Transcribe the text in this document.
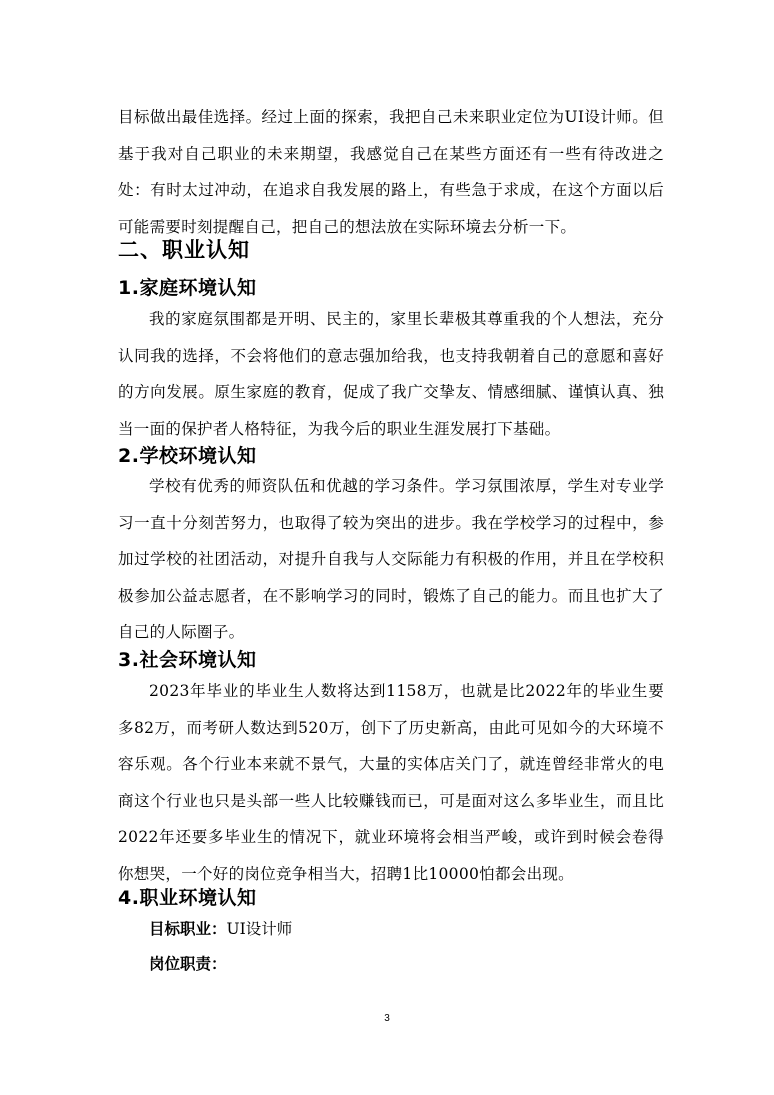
目标做出最佳选择。经过上面的探索，我把自己未来职业定位为UI设计师。但基于我对自己职业的未来期望，我感觉自己在某些方面还有一些有待改进之处：有时太过冲动，在追求自我发展的路上，有些急于求成，在这个方面以后可能需要时刻提醒自己，把自己的想法放在实际环境去分析一下。

二、职业认知
1.家庭环境认知

我的家庭氛围都是开明、民主的，家里长辈极其尊重我的个人想法，充分认同我的选择，不会将他们的意志强加给我，也支持我朝着自己的意愿和喜好的方向发展。原生家庭的教育，促成了我广交挚友、情感细腻、谨慎认真、独当一面的保护者人格特征，为我今后的职业生涯发展打下基础。

2.学校环境认知

学校有优秀的师资队伍和优越的学习条件。学习氛围浓厚，学生对专业学习一直十分刻苦努力，也取得了较为突出的进步。我在学校学习的过程中，参加过学校的社团活动，对提升自我与人交际能力有积极的作用，并且在学校积极参加公益志愿者，在不影响学习的同时，锻炼了自己的能力。而且也扩大了自己的人际圈子。

3.社会环境认知

2023年毕业的毕业生人数将达到1158万，也就是比2022年的毕业生要多82万，而考研人数达到520万，创下了历史新高，由此可见如今的大环境不容乐观。各个行业本来就不景气，大量的实体店关门了，就连曾经非常火的电商这个行业也只是头部一些人比较赚钱而已，可是面对这么多毕业生，而且比2022年还要多毕业生的情况下，就业环境将会相当严峻，或许到时候会卷得你想哭，一个好的岗位竞争相当大，招聘1比10000怕都会出现。

4.职业环境认知

目标职业：UI设计师

岗位职责：

3
